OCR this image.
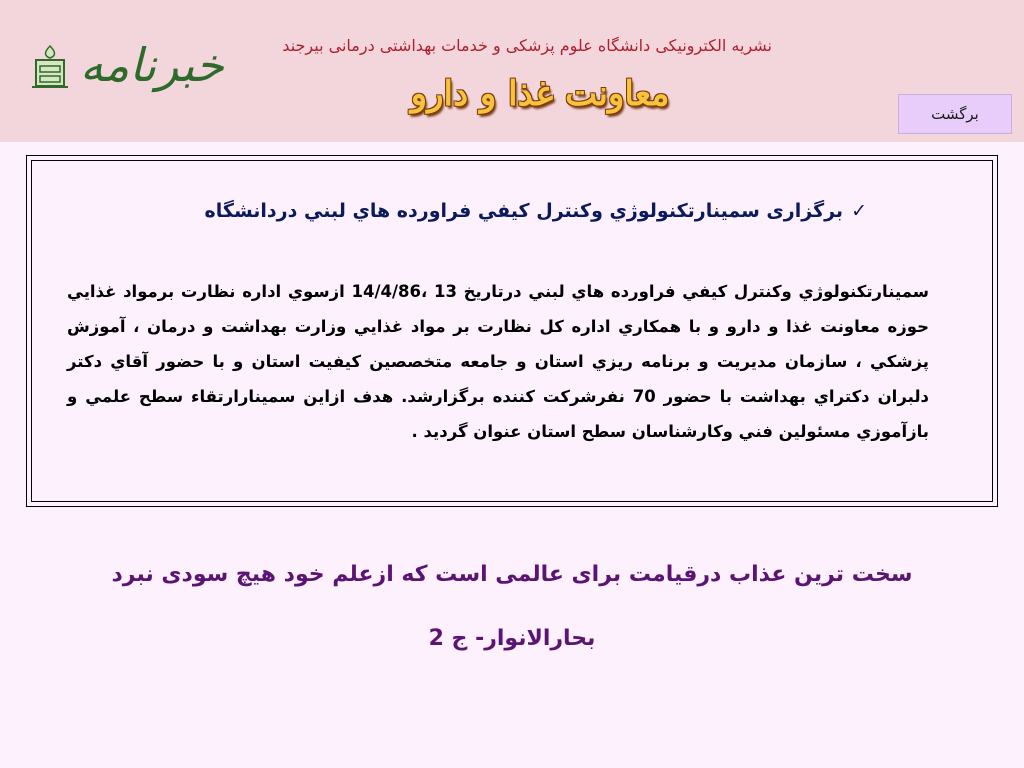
خبرنامه	نشریه الکترونیکی دانشگاه علوم پزشکی و خدمات بهداشتی درمانی بیرجند
معاونت غذا و دارو	برگشت
✓برگزاری سمينارتكنولوژي وكنترل كيفي فراورده هاي لبني دردانشگاه
سمينارتكنولوژي وكنترل كيفي فراورده هاي لبني درتاريخ 13 ،14/4/86 ازسوي اداره نظارت برمواد غذايي حوزه معاونت غذا و دارو و با همكاري اداره كل نظارت بر مواد غذايي وزارت بهداشت و درمان ، آموزش پزشكي ، سازمان مديريت و برنامه ريزي استان و جامعه متخصصين كيفيت استان و با حضور آقاي دكتر دلبران دكتراي بهداشت با حضور 70 نفرشركت كننده برگزارشد. هدف ازاين سمينارارتقاء سطح علمي و بازآموزي مسئولين فني وكارشناسان سطح استان عنوان گرديد .
سخت ترین عذاب درقیامت برای عالمی است که ازعلم خود هیچ سودی نبرد
بحارالانوار- ج 2
